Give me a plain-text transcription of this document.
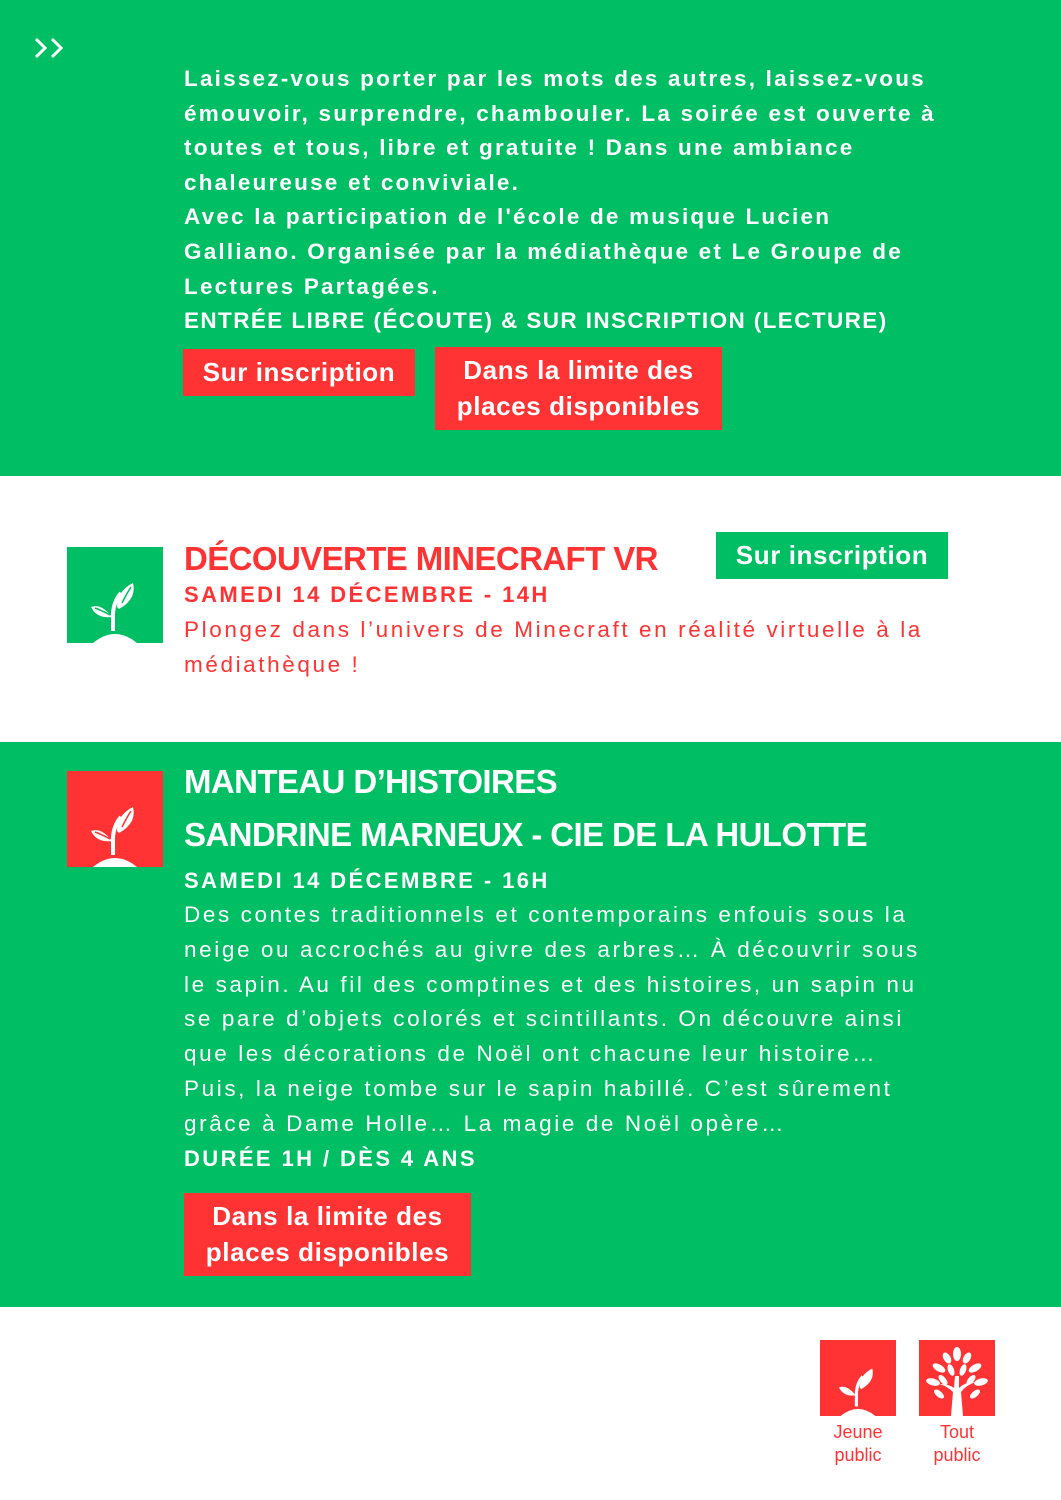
Laissez-vous porter par les mots des autres, laissez-vous
émouvoir, surprendre, chambouler. La soirée est ouverte à
toutes et tous, libre et gratuite ! Dans une ambiance
chaleureuse et conviviale.
Avec la participation de l'école de musique Lucien
Galliano. Organisée par la médiathèque et Le Groupe de
Lectures Partagées.
ENTRÉE LIBRE (ÉCOUTE) & SUR INSCRIPTION (LECTURE)
Sur inscription	Dans la limite des
places disponibles
DÉCOUVERTE MINECRAFT VR	Sur inscription
SAMEDI 14 DÉCEMBRE - 14H
Plongez dans l’univers de Minecraft en réalité virtuelle à la
médiathèque !
MANTEAU D’HISTOIRES
SANDRINE MARNEUX - CIE DE LA HULOTTE
SAMEDI 14 DÉCEMBRE - 16H
Des contes traditionnels et contemporains enfouis sous la
neige ou accrochés au givre des arbres… À découvrir sous
le sapin. Au fil des comptines et des histoires, un sapin nu
se pare d’objets colorés et scintillants. On découvre ainsi
que les décorations de Noël ont chacune leur histoire…
Puis, la neige tombe sur le sapin habillé. C’est sûrement
grâce à Dame Holle… La magie de Noël opère…
DURÉE 1H / DÈS 4 ANS
Dans la limite des
places disponibles
Jeune
public
Tout
public
